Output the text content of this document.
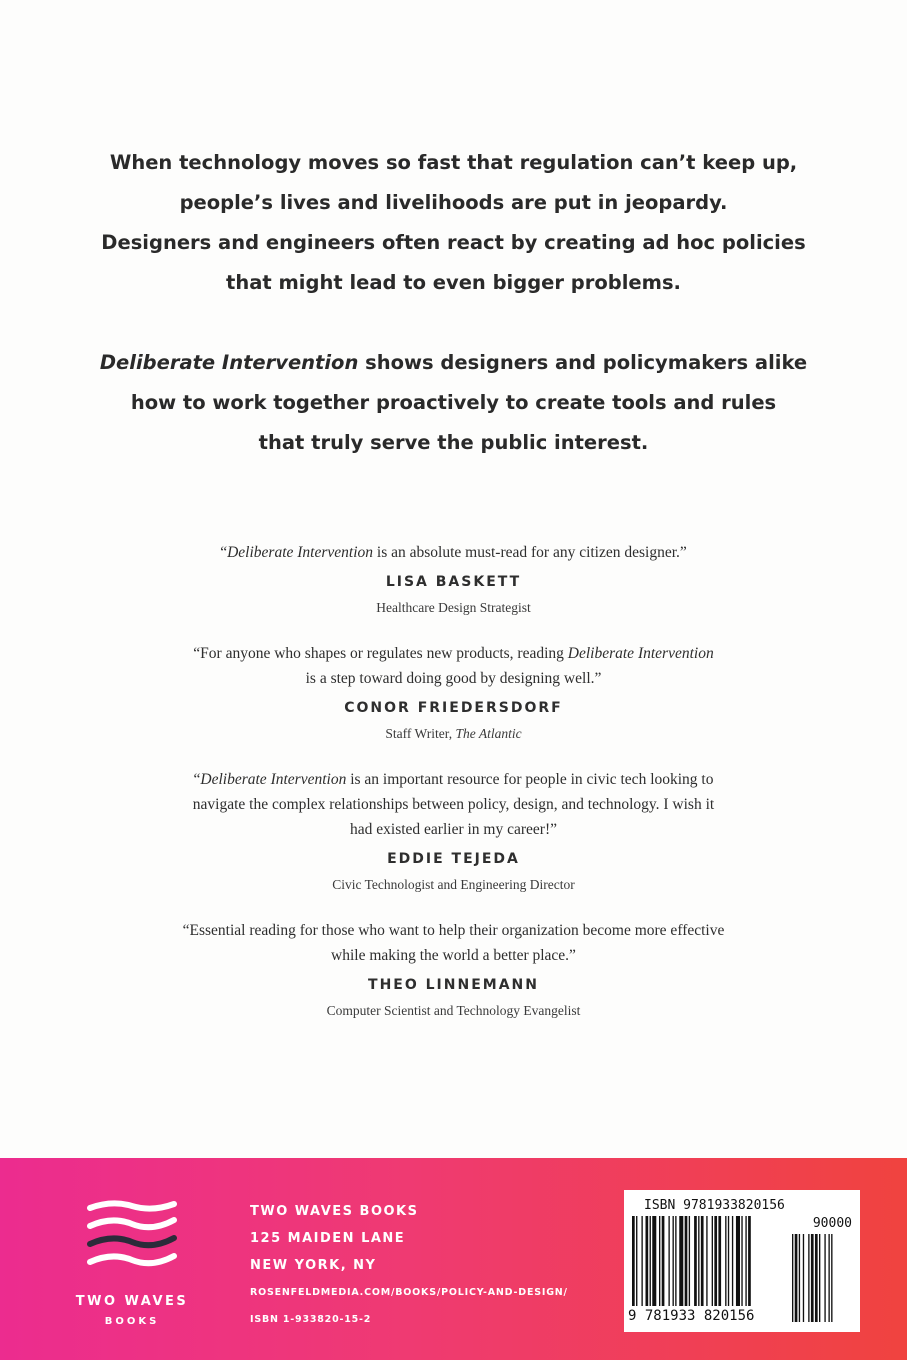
When technology moves so fast that regulation can’t keep up,
people’s lives and livelihoods are put in jeopardy.
Designers and engineers often react by creating ad hoc policies
that might lead to even bigger problems.
Deliberate Intervention shows designers and policymakers alike
how to work together proactively to create tools and rules
that truly serve the public interest.
“Deliberate Intervention is an absolute must-read for any citizen designer.”
LISA BASKETT
Healthcare Design Strategist
“For anyone who shapes or regulates new products, reading Deliberate Intervention
is a step toward doing good by designing well.”
CONOR FRIEDERSDORF
Staff Writer, The Atlantic
“Deliberate Intervention is an important resource for people in civic tech looking to
navigate the complex relationships between policy, design, and technology. I wish it
had existed earlier in my career!”
EDDIE TEJEDA
Civic Technologist and Engineering Director
“Essential reading for those who want to help their organization become more effective
while making the world a better place.”
THEO LINNEMANN
Computer Scientist and Technology Evangelist
TWO WAVES
BOOKS
TWO WAVES BOOKS
125 MAIDEN LANE
NEW YORK, NY
ROSENFELDMEDIA.COM/BOOKS/POLICY-AND-DESIGN/
ISBN 1-933820-15-2
ISBN 9781933820156
90000
9 781933 820156
